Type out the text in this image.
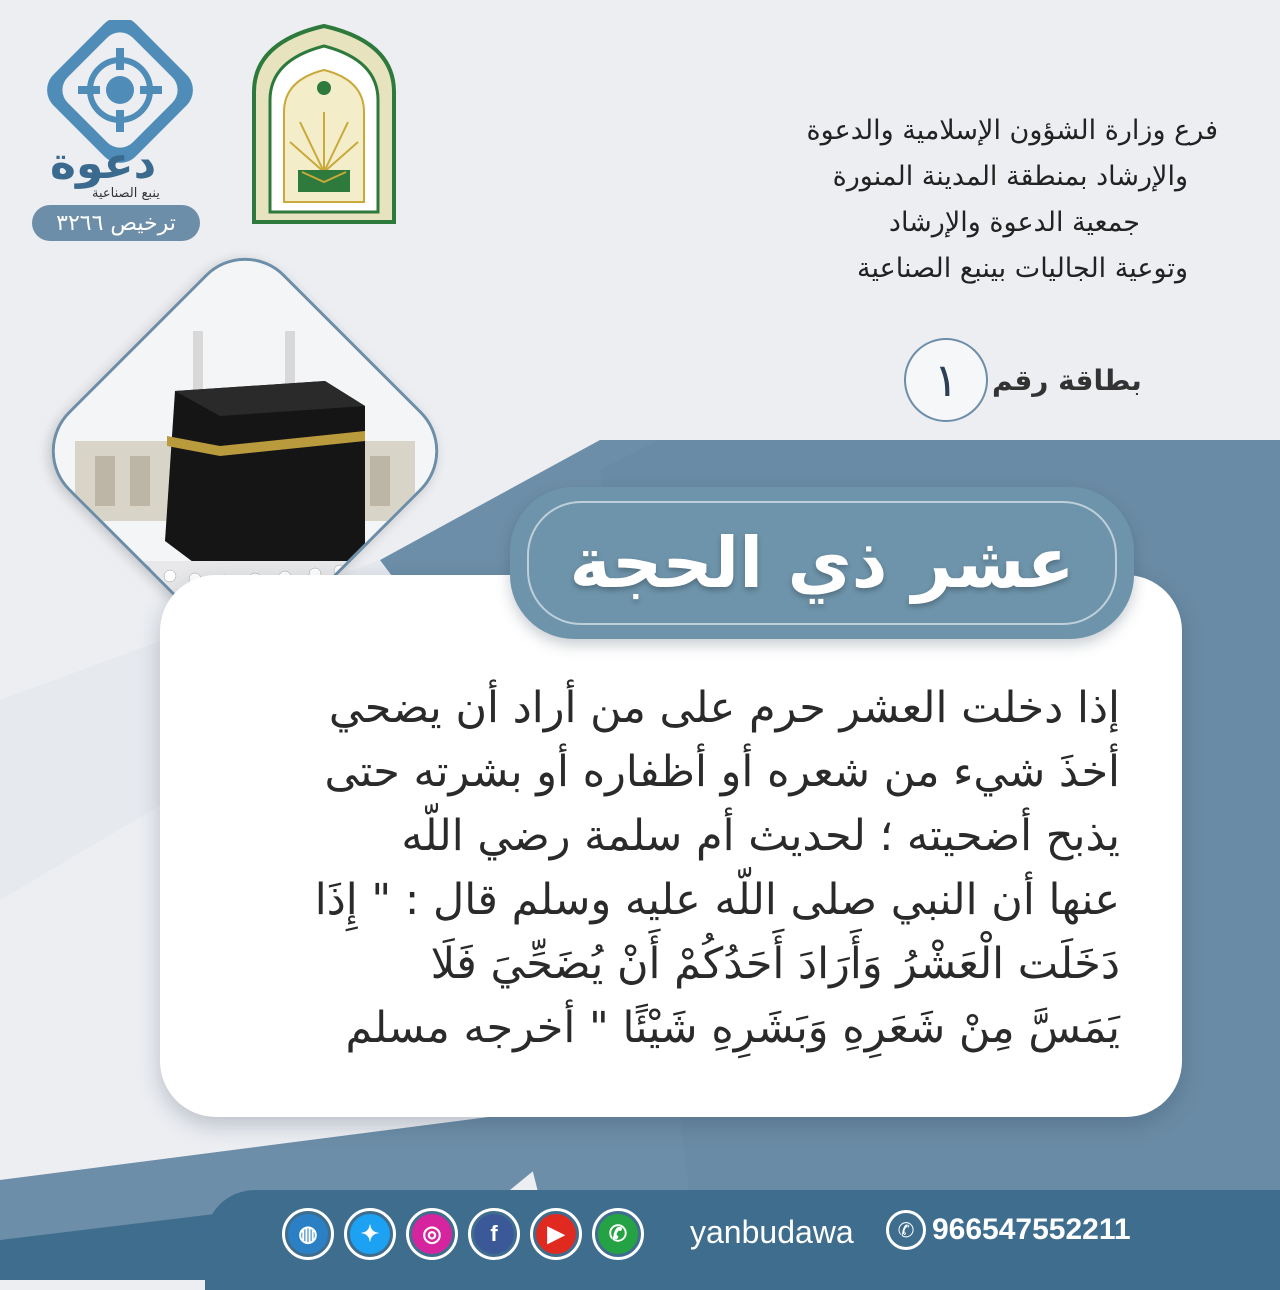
دعوة
ينبع الصناعية
ترخيص ٣٢٦٦
فرع وزارة الشؤون الإسلامية والدعوة
والإرشاد بمنطقة المدينة المنورة
جمعية الدعوة والإرشاد
وتوعية الجاليات بينبع الصناعية
بطاقة رقم
١
إذا دخلت العشر حرم على من أراد أن يضحي
أخذَ شيء من شعره أو أظفاره أو بشرته حتى
يذبح أضحيته ؛ لحديث أم سلمة رضي اللّه
عنها أن النبي صلى اللّه عليه وسلم قال : " إِذَا
دَخَلَت الْعَشْرُ وَأَرَادَ أَحَدُكُمْ أَنْ يُضَحِّيَ فَلَا
يَمَسَّ مِنْ شَعَرِهِ وَبَشَرِهِ شَيْئًا " أخرجه مسلم
عشر ذي الحجة
◍	✦	◎	f	▶	✆	yanbudawa	✆ 966547552211
